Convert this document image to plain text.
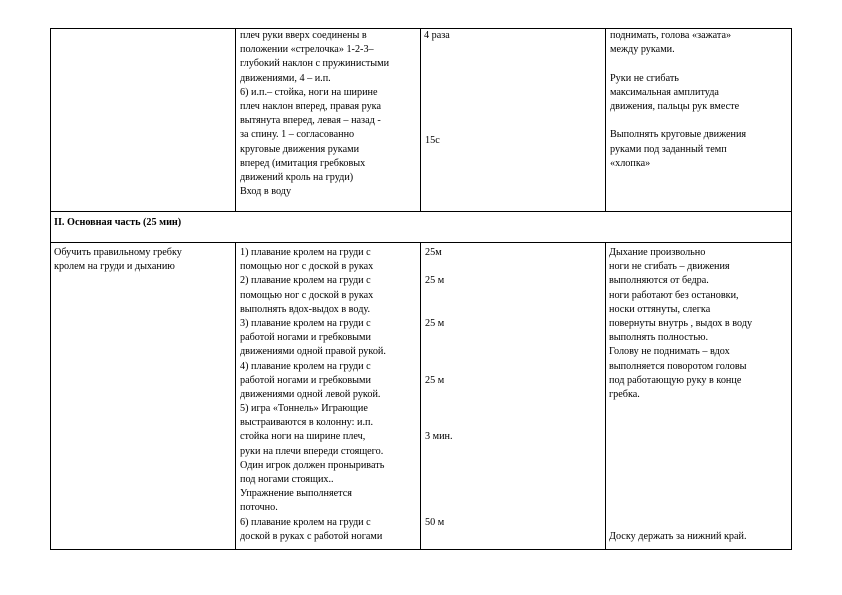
плеч руки вверх соединены в
положении «стрелочка» 1-2-3–
глубокий наклон с пружинистыми
движениями, 4 – и.п.
6) и.п.– стойка, ноги на ширине
плеч наклон вперед, правая рука
вытянута вперед, левая – назад -
за спину. 1 – согласованно
круговые движения руками
вперед (имитация гребковых
движений кроль на груди)
Вход в воду
4 раза
15с
поднимать, голова «зажата»
между руками.
Руки не сгибать
максимальная амплитуда
движения, пальцы рук вместе
Выполнять круговые движения
руками под заданный темп
«хлопка»
II. Основная часть (25 мин)
Обучить правильному гребку
кролем на груди и дыханию
1) плавание кролем на груди с
помощью ног с доской в руках
2) плавание кролем на груди с
помощью ног с доской в руках
выполнять вдох-выдох в воду.
3) плавание кролем на груди с
работой ногами и гребковыми
движениями одной правой рукой.
4) плавание кролем на груди с
работой ногами и гребковыми
движениями одной левой рукой.
5) игра «Тоннель» Играющие
выстраиваются в колонну: и.п.
стойка ноги на ширине плеч,
руки на плечи впереди стоящего.
Один игрок должен проныривать
под ногами стоящих..
Упражнение выполняется
поточно.
6) плавание кролем на груди с
доской в руках с работой ногами
25м
25 м
25 м
25 м
3 мин.
50 м
Дыхание произвольно
ноги не сгибать – движения
выполняются от бедра.
ноги работают без остановки,
носки оттянуты, слегка
повернуты внутрь , выдох в воду
выполнять полностью.
Голову не поднимать – вдох
выполняется поворотом головы
под работающую руку в конце
гребка.
Доску держать за нижний край.
